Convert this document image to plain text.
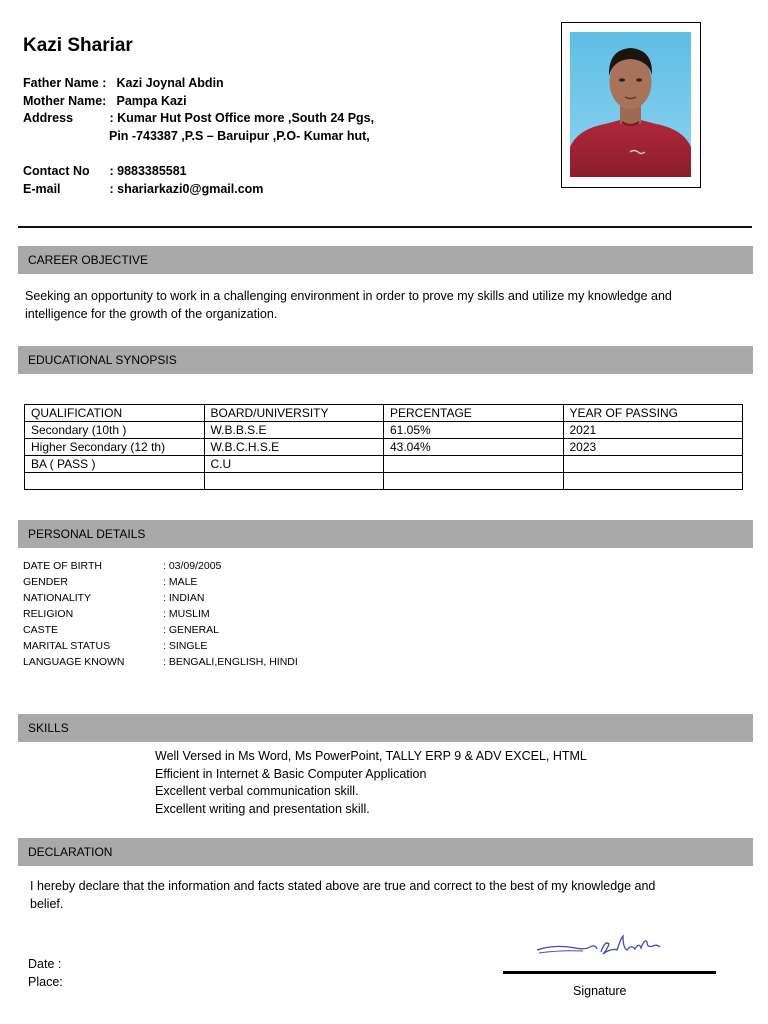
Kazi Shariar
Father Name : Kazi Joynal Abdin
Mother Name: Pampa Kazi
Address	: Kumar Hut Post Office more ,South 24 Pgs,
Pin -743387 ,P.S – Baruipur ,P.O- Kumar hut,
Contact No : 9883385581
E-mail	: shariarkazi0@gmail.com
CAREER OBJECTIVE
Seeking an opportunity to work in a challenging environment in order to prove my skills and utilize my knowledge and
intelligence for the growth of the organization.
EDUCATIONAL SYNOPSIS
QUALIFICATION	BOARD/UNIVERSITY	PERCENTAGE	YEAR OF PASSING
Secondary (10th )	W.B.B.S.E	61.05%	2021
Higher Secondary (12 th)	W.B.C.H.S.E	43.04%	2023
BA ( PASS )	C.U		

PERSONAL DETAILS
DATE OF BIRTH	: 03/09/2005
GENDER	: MALE
NATIONALITY	: INDIAN
RELIGION	: MUSLIM
CASTE	: GENERAL
MARITAL STATUS	: SINGLE
LANGUAGE KNOWN	: BENGALI,ENGLISH, HINDI
SKILLS
Well Versed in Ms Word, Ms PowerPoint, TALLY ERP 9 & ADV EXCEL, HTML
Efficient in Internet & Basic Computer Application
Excellent verbal communication skill.
Excellent writing and presentation skill.
DECLARATION
I hereby declare that the information and facts stated above are true and correct to the best of my knowledge and
belief.
Date :
Place:
Signature
